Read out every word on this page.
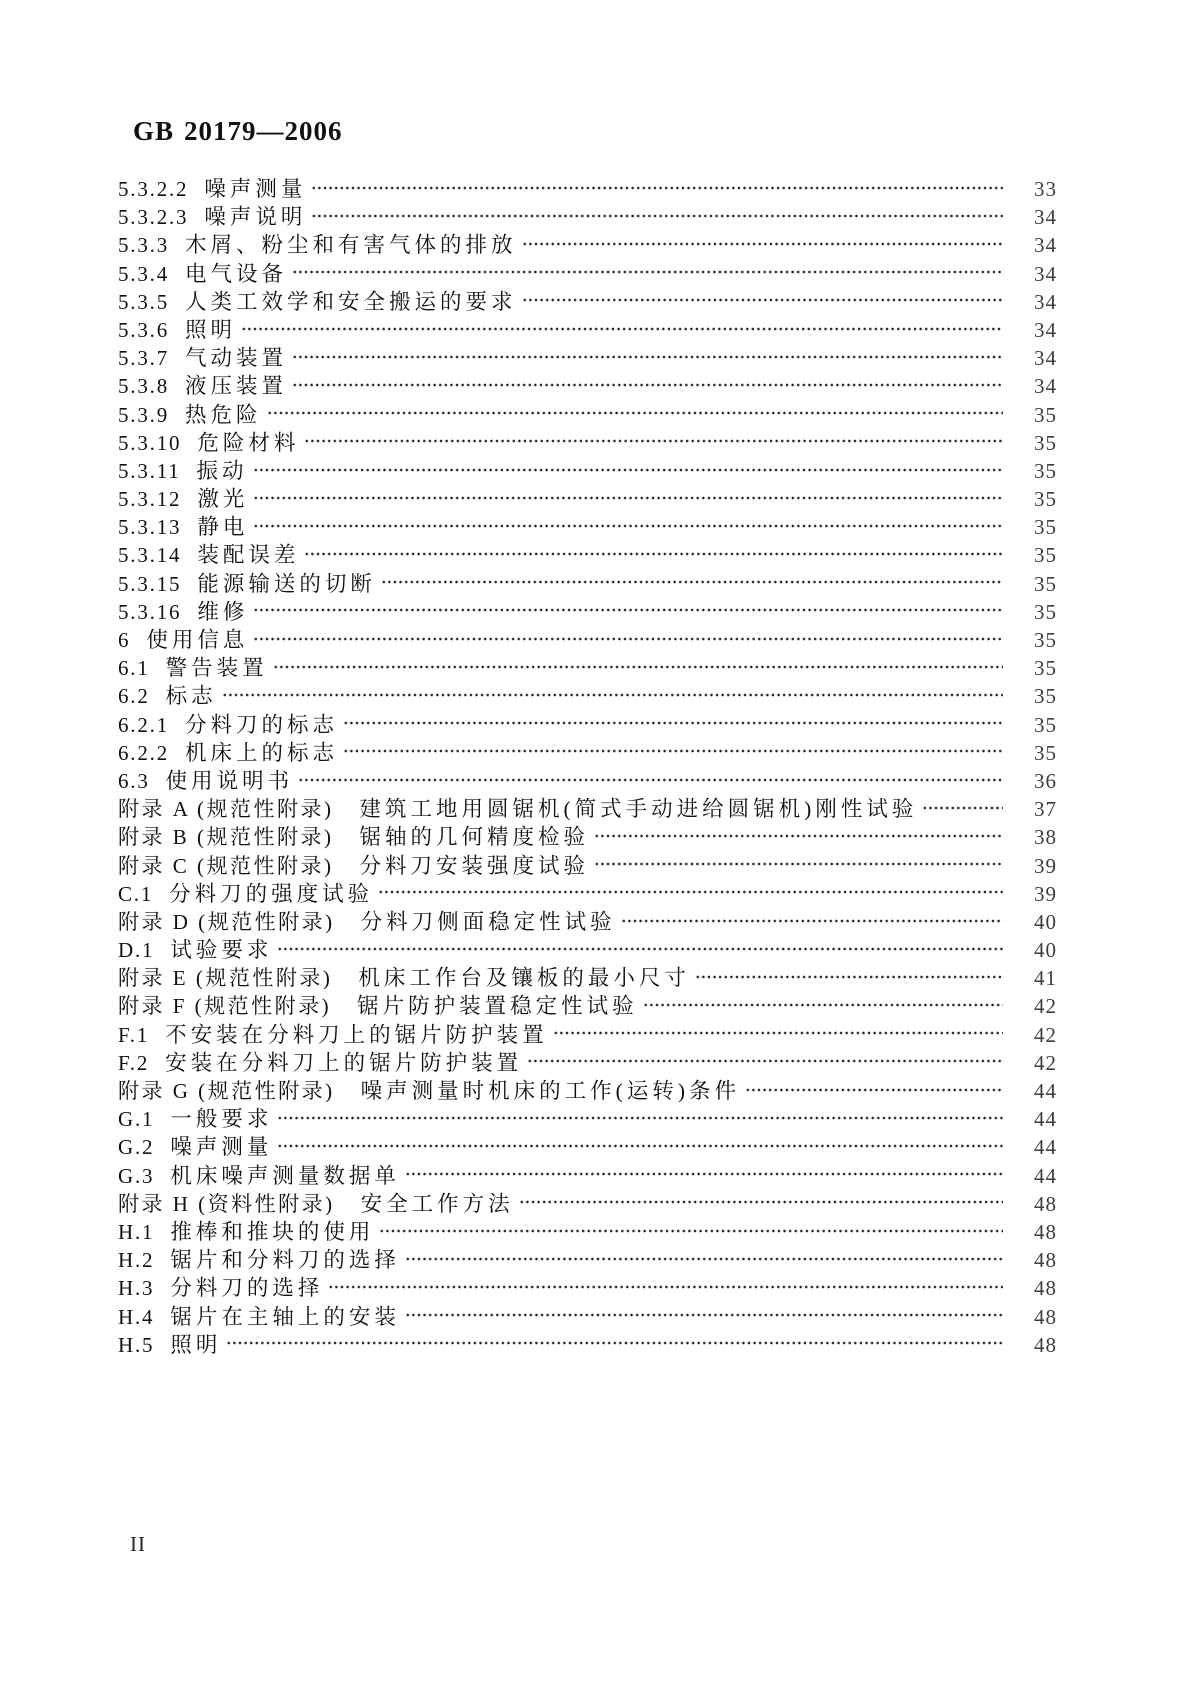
GB 20179—2006
5.3.2.2 噪声测量	33
5.3.2.3 噪声说明	34
5.3.3 木屑、粉尘和有害气体的排放	34
5.3.4 电气设备	34
5.3.5 人类工效学和安全搬运的要求	34
5.3.6 照明	34
5.3.7 气动装置	34
5.3.8 液压装置	34
5.3.9 热危险	35
5.3.10 危险材料	35
5.3.11 振动	35
5.3.12 激光	35
5.3.13 静电	35
5.3.14 装配误差	35
5.3.15 能源输送的切断	35
5.3.16 维修	35
6 使用信息	35
6.1 警告装置	35
6.2 标志	35
6.2.1 分料刀的标志	35
6.2.2 机床上的标志	35
6.3 使用说明书	36
附录 A (规范性附录) 建筑工地用圆锯机(简式手动进给圆锯机)刚性试验	37
附录 B (规范性附录) 锯轴的几何精度检验	38
附录 C (规范性附录) 分料刀安装强度试验	39
C.1 分料刀的强度试验	39
附录 D (规范性附录) 分料刀侧面稳定性试验	40
D.1 试验要求	40
附录 E (规范性附录) 机床工作台及镶板的最小尺寸	41
附录 F (规范性附录) 锯片防护装置稳定性试验	42
F.1 不安装在分料刀上的锯片防护装置	42
F.2 安装在分料刀上的锯片防护装置	42
附录 G (规范性附录) 噪声测量时机床的工作(运转)条件	44
G.1 一般要求	44
G.2 噪声测量	44
G.3 机床噪声测量数据单	44
附录 H (资料性附录) 安全工作方法	48
H.1 推棒和推块的使用	48
H.2 锯片和分料刀的选择	48
H.3 分料刀的选择	48
H.4 锯片在主轴上的安装	48
H.5 照明	48
II
